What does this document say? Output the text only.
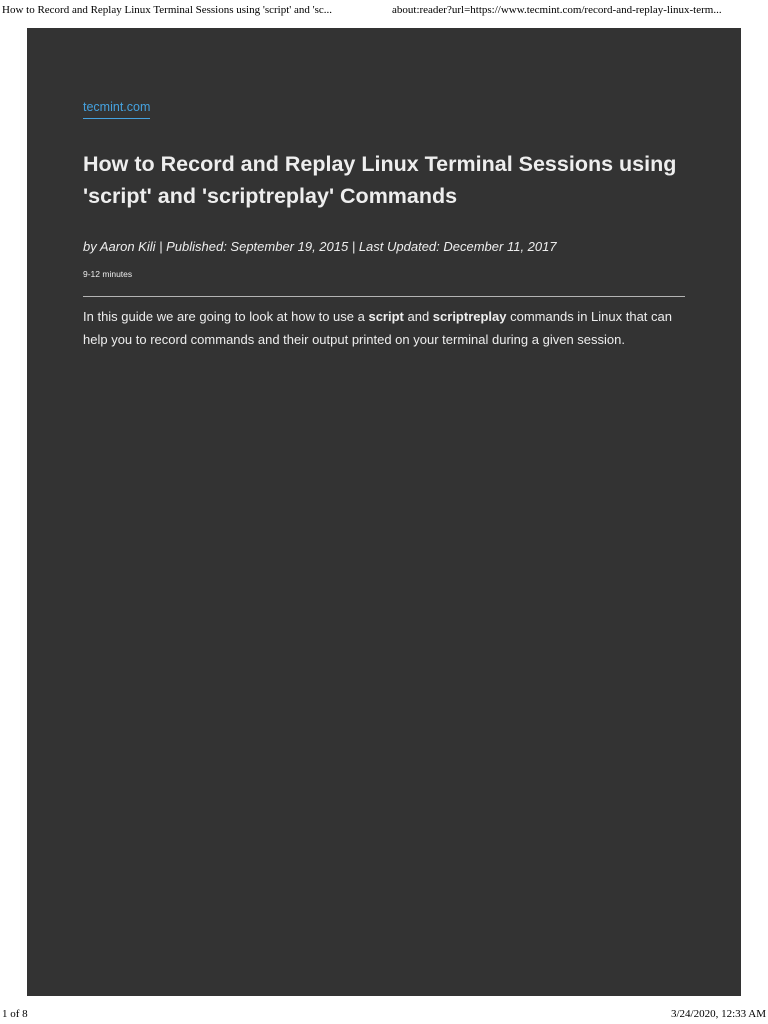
How to Record and Replay Linux Terminal Sessions using 'script' and 'sc...	about:reader?url=https://www.tecmint.com/record-and-replay-linux-term...
tecmint.com
How to Record and Replay Linux Terminal Sessions using 'script' and 'scriptreplay' Commands
by Aaron Kili | Published: September 19, 2015 | Last Updated: December 11, 2017
9-12 minutes

In this guide we are going to look at how to use a script and scriptreplay commands in Linux that can help you to record commands and their output printed on your terminal during a given session.

1 of 8	3/24/2020, 12:33 AM
